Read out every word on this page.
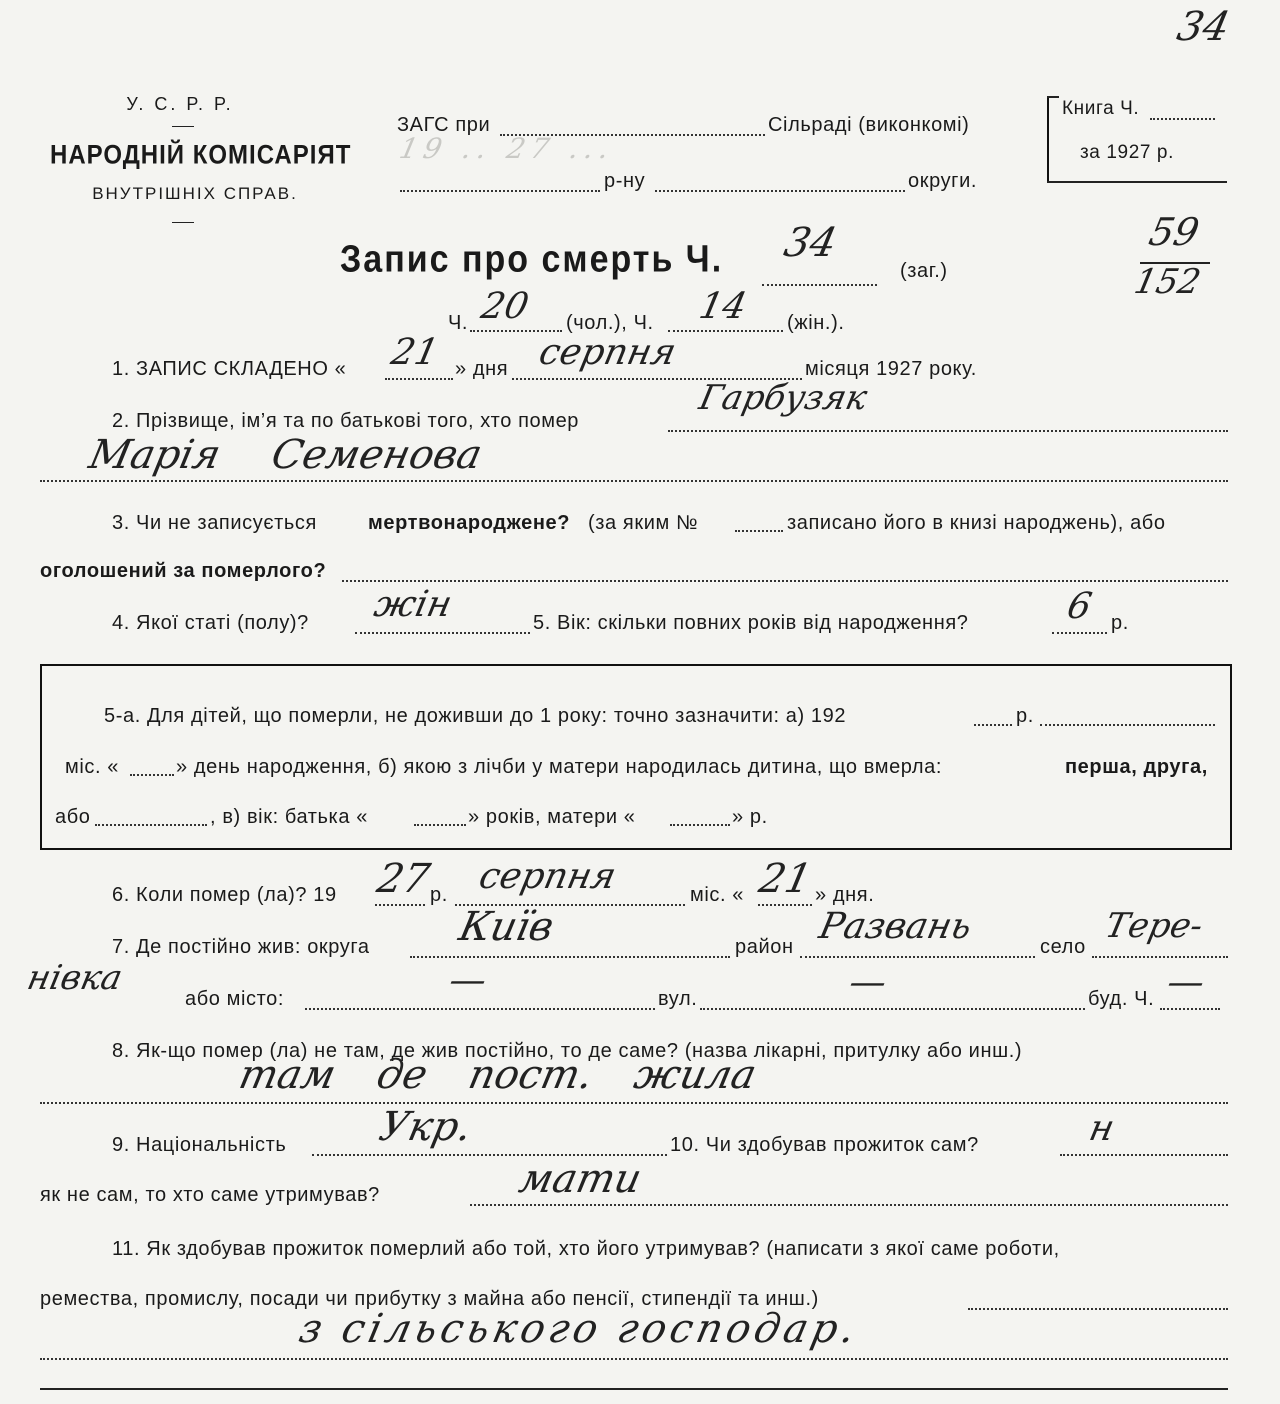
34
59
152
У. С. Р. Р.
НАРОДНІЙ КОМІСАРІЯТ
ВНУТРІШНІХ СПРАВ.
ЗАГС при	Сільраді (виконкомі)
р-ну	округи.
19 .. 27 ...
Книга Ч.
за 1927 р.
Запис про смерть Ч. 34
(заг.)
Ч. 20 (чол.), Ч. 14 (жін.).
1. ЗАПИС СКЛАДЕНО « 21 » дня серпня	місяця 1927 року.
2. Прізвище, ім’я та по батькові того, хто помер
Гарбузяк
Марія Семенова
3. Чи не записується	мертвонароджене? (за яким №	записано його в книзі народжень), або
оголошений за померлого?
4. Якої статі (полу)? жін	5. Вік: скільки повних років від народження?	6 р.
5-а. Для дітей, що померли, не доживши до 1 року: точно зазначити: а) 192	р.
міс. «	» день народження, б) якою з лічби у матери народилась дитина, що вмерла:	перша, друга,
або	, в) вік: батька «	» років, матери «	» р.
6. Коли помер (ла)? 19 27
р. серпня	міс. « 21 » дня.
7. Де постійно жив: округа Київ	район Развань	село
Тере-
нівка
або місто:	—	вул.	—	буд. Ч. —
8. Як-що помер (ла) не там, де жив постійно, то де саме? (назва лікарні, притулку або инш.)
там де пост. жила
9. Національність Укр.	10. Чи здобував прожиток сам?	н
як не сам, то хто саме утримував?	мати
11. Як здобував прожиток померлий або той, хто його утримував? (написати з якої саме роботи,
ремества, промислу, посади чи прибутку з майна або пенсії, стипендії та инш.)
з сільського господар.
